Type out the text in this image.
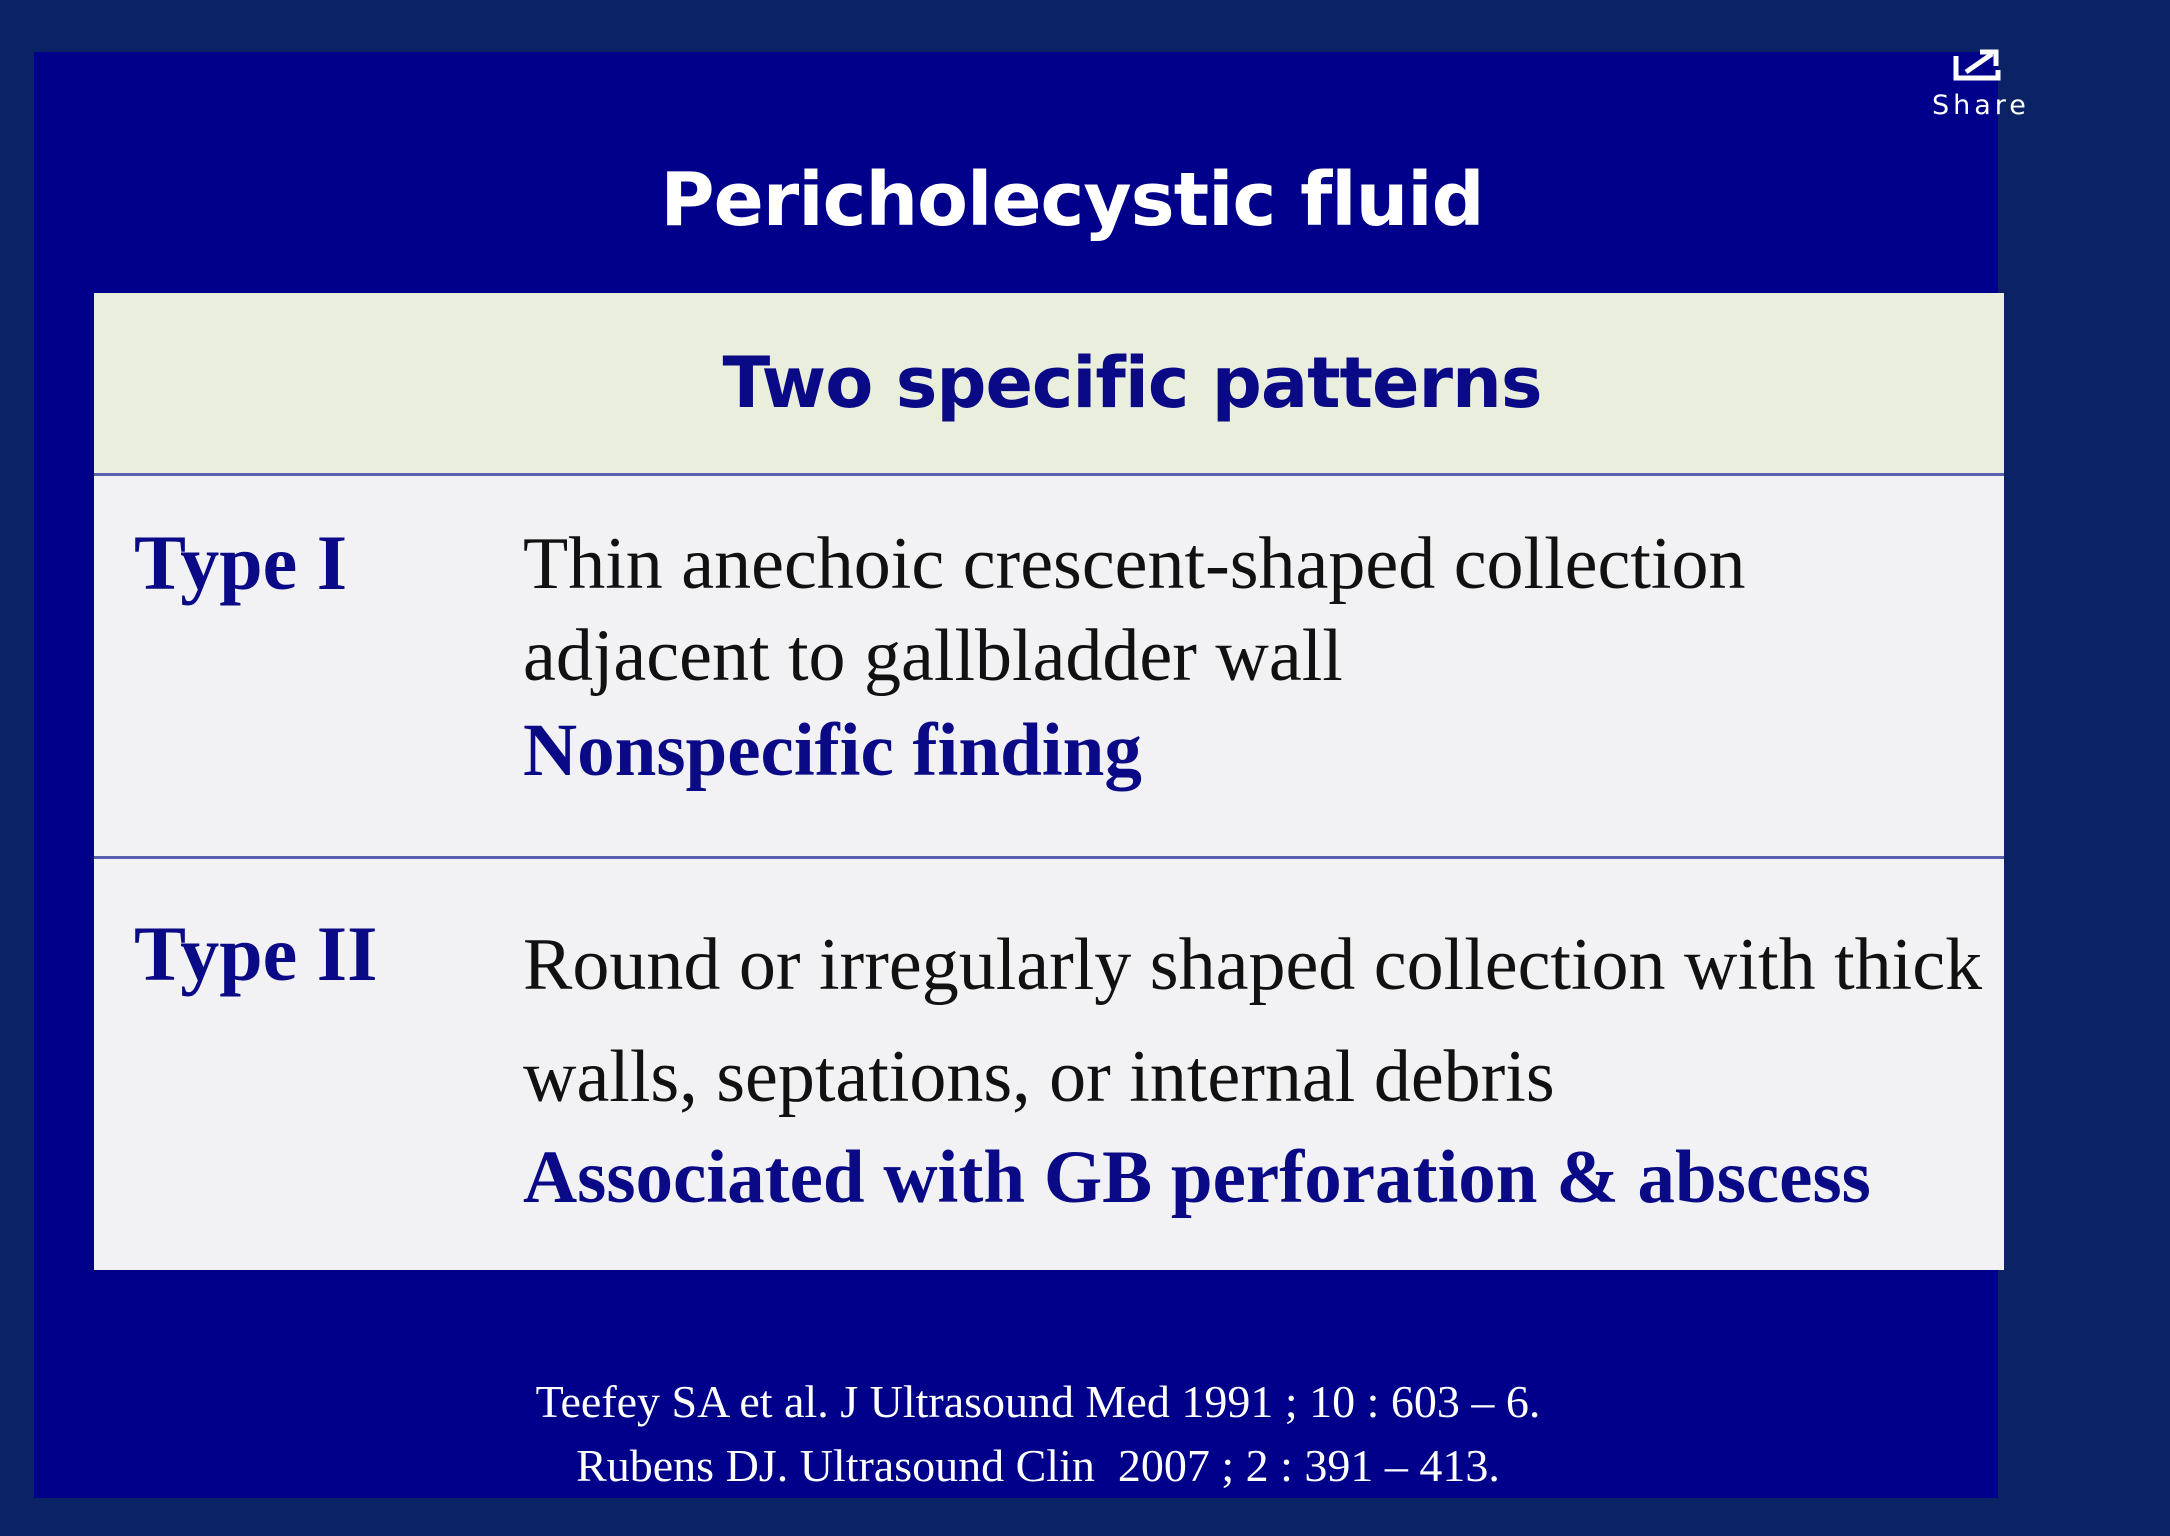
Pericholecystic fluid
Share
Two specific patterns
Type I Thin anechoic crescent-shaped collection adjacent to gallbladder wall
Nonspecific finding
Type II Round or irregularly shaped collection with thick walls, septations, or internal debris
Associated with GB perforation & abscess
Teefey SA et al. J Ultrasound Med 1991 ; 10 : 603 – 6.
Rubens DJ. Ultrasound Clin  2007 ; 2 : 391 – 413.
